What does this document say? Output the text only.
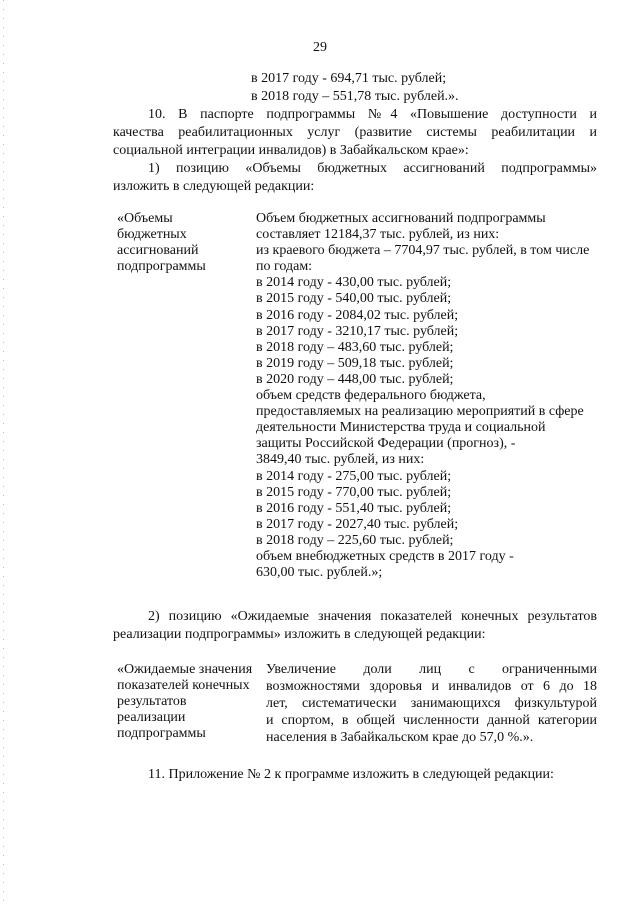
29
в 2017 году - 694,71 тыс. рублей;
в 2018 году – 551,78 тыс. рублей.».
10. В паспорте подпрограммы №4 «Повышение доступности и
качества реабилитационных услуг (развитие системы реабилитации и
социальной интеграции инвалидов) в Забайкальском крае»:
1) позицию «Объемы бюджетных ассигнований подпрограммы»
изложить в следующей редакции:
«Объемы
бюджетных
ассигнований
подпрограммы
Объем бюджетных ассигнований подпрограммы
составляет 12184,37 тыс. рублей, из них:
из краевого бюджета – 7704,97 тыс. рублей, в том числе
по годам:
в 2014 году - 430,00 тыс. рублей;
в 2015 году - 540,00 тыс. рублей;
в 2016 году - 2084,02 тыс. рублей;
в 2017 году - 3210,17 тыс. рублей;
в 2018 году – 483,60 тыс. рублей;
в 2019 году – 509,18 тыс. рублей;
в 2020 году – 448,00 тыс. рублей;
объем средств федерального бюджета,
предоставляемых на реализацию мероприятий в сфере
деятельности Министерства труда и социальной
защиты Российской Федерации (прогноз), -
3849,40 тыс. рублей, из них:
в 2014 году - 275,00 тыс. рублей;
в 2015 году - 770,00 тыс. рублей;
в 2016 году - 551,40 тыс. рублей;
в 2017 году - 2027,40 тыс. рублей;
в 2018 году – 225,60 тыс. рублей;
объем внебюджетных средств в 2017 году -
630,00 тыс. рублей.»;
2) позицию «Ожидаемые значения показателей конечных результатов
реализации подпрограммы» изложить в следующей редакции:
«Ожидаемые значения
показателей конечных
результатов
реализации
подпрограммы
Увеличение доли лиц с ограниченными
возможностями здоровья и инвалидов от 6 до 18
лет, систематически занимающихся физкультурой
и спортом, в общей численности данной категории
населения в Забайкальском крае до 57,0 %.».
11. Приложение № 2 к программе изложить в следующей редакции:
